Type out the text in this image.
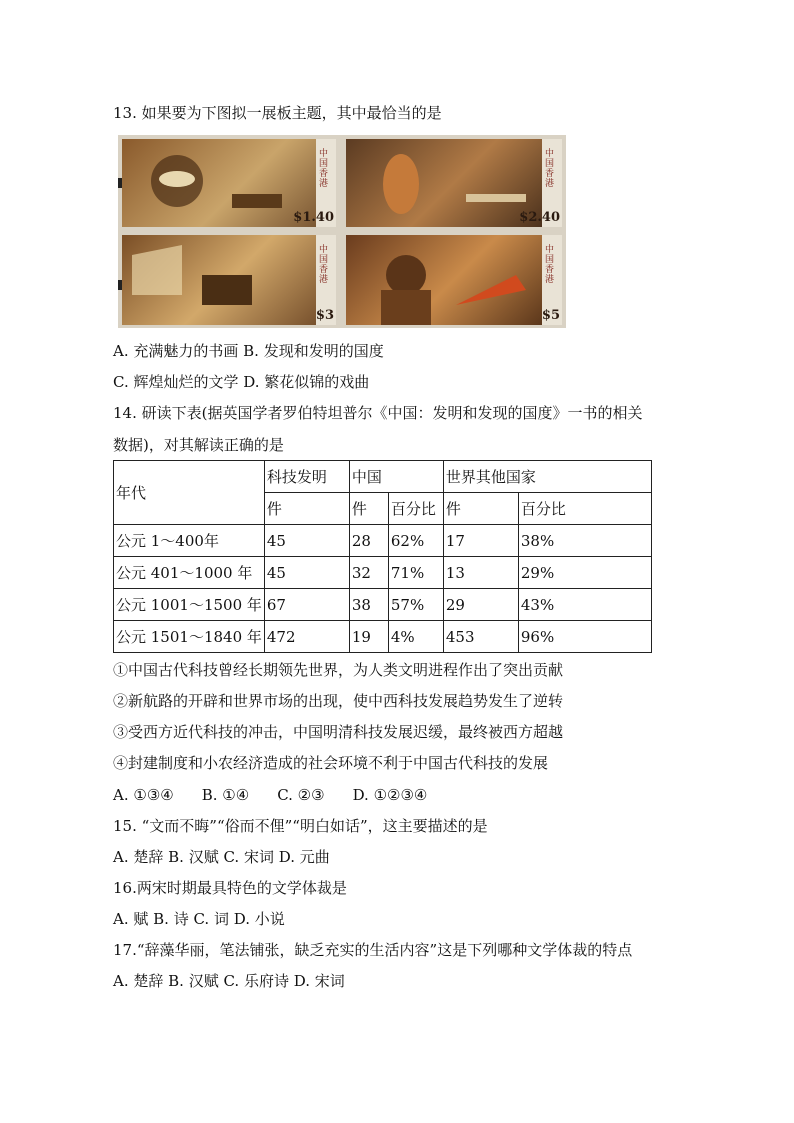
13. 如果要为下图拟一展板主题，其中最恰当的是
中国香港
$1.40
中国香港
$2.40
中国香港
$3
中国香港
$5
A. 充满魅力的书画 B. 发现和发明的国度
C. 辉煌灿烂的文学 D. 繁花似锦的戏曲
14. 研读下表(据英国学者罗伯特坦普尔《中国：发明和发现的国度》一书的相关
数据)，对其解读正确的是
年代	科技发明	中国		世界其他国家	
	件	件	百分比	件	百分比
公元 1～400年	45	28	62%	17	38%
公元 401～1000 年	45	32	71%	13	29%
公元 1001～1500 年	67	38	57%	29	43%
公元 1501～1840 年	472	19	4%	453	96%
①中国古代科技曾经长期领先世界，为人类文明进程作出了突出贡献
②新航路的开辟和世界市场的出现，使中西科技发展趋势发生了逆转
③受西方近代科技的冲击，中国明清科技发展迟缓，最终被西方超越
④封建制度和小农经济造成的社会环境不利于中国古代科技的发展
A. ①③④ B. ①④ C. ②③ D. ①②③④
15. “文而不晦”“俗而不俚”“明白如话”，这主要描述的是
A. 楚辞 B. 汉赋 C. 宋词 D. 元曲
16.两宋时期最具特色的文学体裁是
A. 赋 B. 诗 C. 词 D. 小说
17.“辞藻华丽，笔法铺张，缺乏充实的生活内容”这是下列哪种文学体裁的特点
A. 楚辞 B. 汉赋 C. 乐府诗 D. 宋词
